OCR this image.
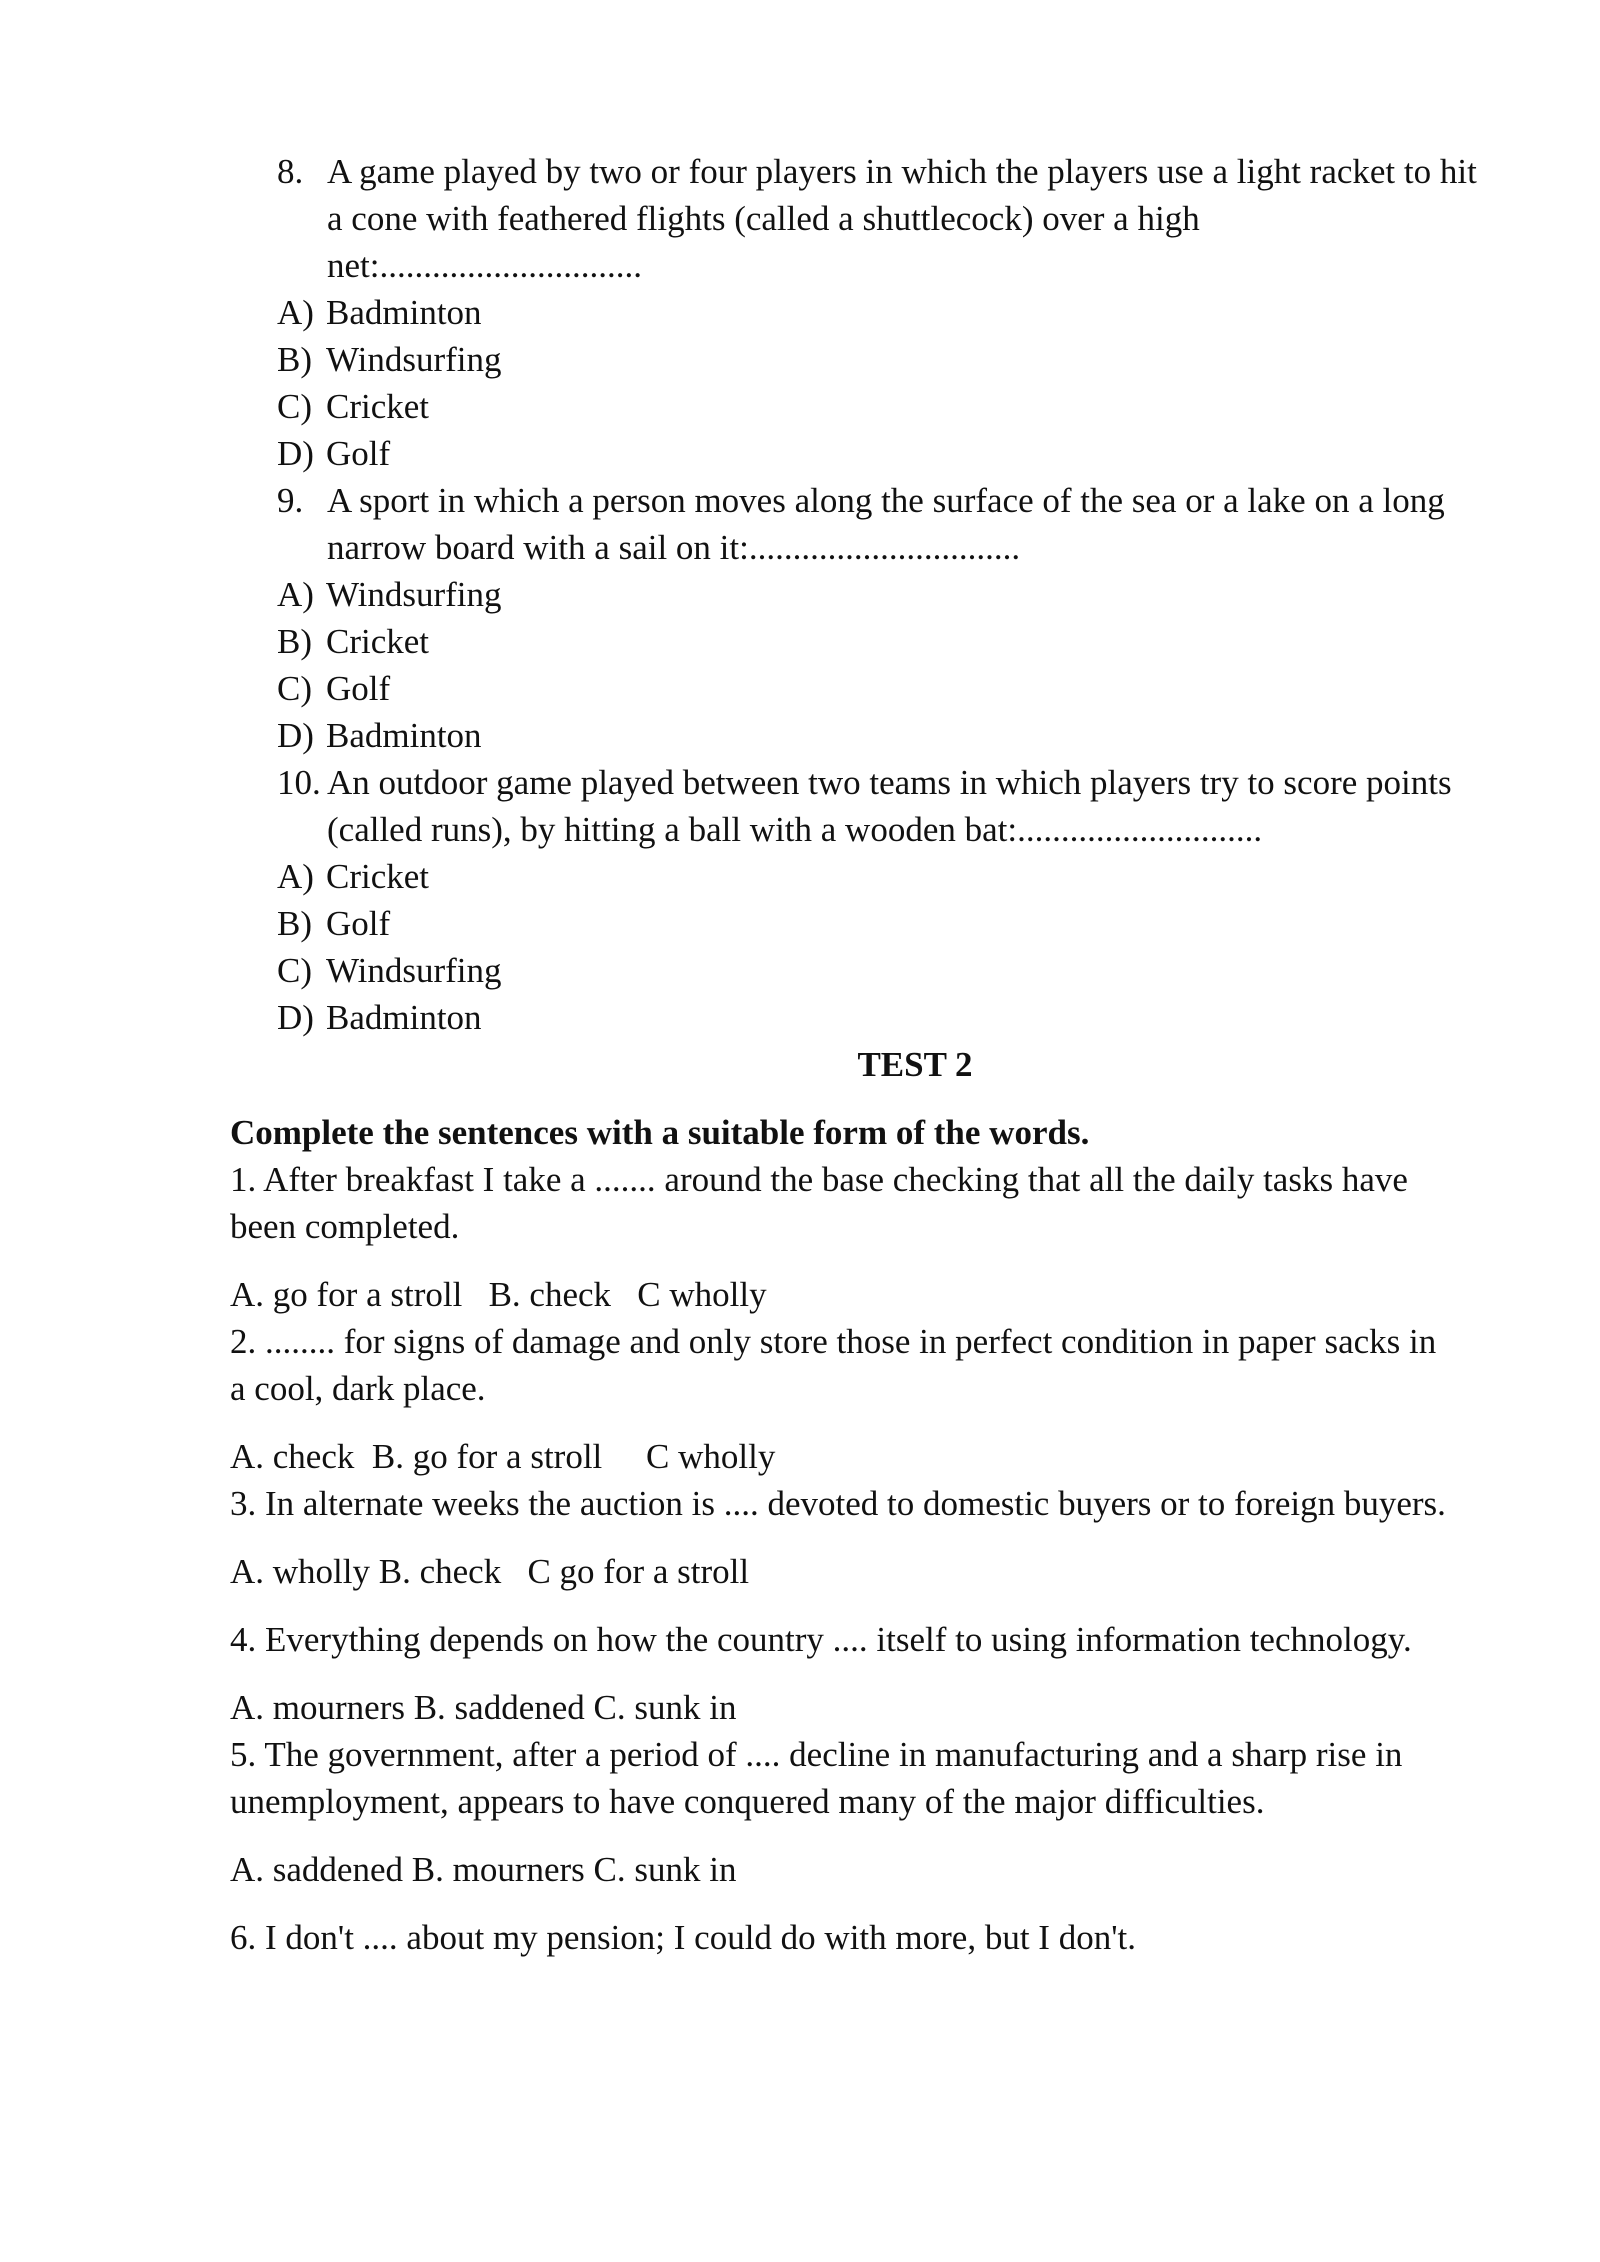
8. A game played by two or four players in which the players use a light racket to hit a cone with feathered flights (called a shuttlecock) over a high net:..............................
A) Badminton
B) Windsurfing
C) Cricket
D) Golf
9. A sport in which a person moves along the surface of the sea or a lake on a long narrow board with a sail on it:...............................
A) Windsurfing
B) Cricket
C) Golf
D) Badminton
10. An outdoor game played between two teams in which players try to score points (called runs), by hitting a ball with a wooden bat:............................
A) Cricket
B) Golf
C) Windsurfing
D) Badminton
TEST 2
Complete the sentences with a suitable form of the words.
1. After breakfast I take a ....... around the base checking that all the daily tasks have been completed.
A. go for a stroll   B. check   C wholly
2. ........ for signs of damage and only store those in perfect condition in paper sacks in a cool, dark place.
A. check  B. go for a stroll     C wholly
3. In alternate weeks the auction is .... devoted to domestic buyers or to foreign buyers.
A. wholly B. check   C go for a stroll
4. Everything depends on how the country .... itself to using information technology.
A. mourners B. saddened C. sunk in
5. The government, after a period of .... decline in manufacturing and a sharp rise in unemployment, appears to have conquered many of the major difficulties.
A. saddened B. mourners C. sunk in
6. I don't .... about my pension; I could do with more, but I don't.
